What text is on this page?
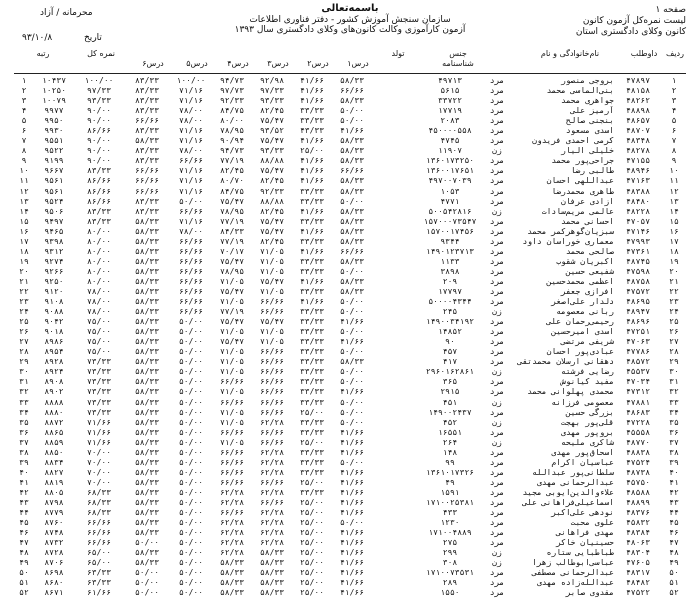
صفحه ۱
لیست نمره‌کل آزمون کانون
کانون وکلای دادگستری استان
باسمه‌تعالی
سازمان سنجش آموزش کشور - دفتر فناوری اطلاعات
آزمون کارآموزی وکالت کانون‌های وکلای دادگستری سال ۱۳۹۳
محرمانه / آزاد
تاریخ
۹۳/۱۰/۸
ردیف
داوطلب
نام‌خانوادگی و نام
جنس
شناسنامه
تولد
درس۱
درس۲
درس۳
درس۴
درس۵
درس۶
نمره کل
رتبه
۱	۱۰۴۳۷	۱۰۰/۰۰	۸۳/۳۳	۱۰۰/۰۰	۹۴/۷۳	۹۲/۹۸	۴۱/۶۶	۵۸/۳۳		۴۹۷۱۳	مرد	بروجی منصور	۴۷۸۹۷	۱
۲	۱۰۲۵۰	۹۷/۳۳	۸۳/۳۳	۷۱/۱۶	۹۷/۷۳	۹۷/۳۳	۴۱/۶۶	۶۶/۶۶		۵۶۱۵	مرد	بنی‌الماسی محمد	۴۸۱۵۸	۲
۳	۱۰۰۷۹	۹۳/۳۳	۸۳/۳۳	۷۱/۱۶	۹۲/۳۳	۹۳/۳۳	۴۱/۶۶	۵۸/۳۳		۳۳۷۲۲	مرد	جواهری محمد	۴۸۲۶۲	۳
۴	۹۹۷۷	۹۰/۰۰	۸۳/۳۳	۷۸/۰۰	۸۴/۷۵	۸۲/۴۵	۳۳/۳۳	۵۰/۰۰		۱۷۷۱۹	مرد	آرمیز علی	۴۸۸۹۸	۴
۵	۹۹۵۰	۹۰/۰۰	۶۶/۶۶	۷۸/۰۰	۸۰/۰۰	۷۵/۴۷	۳۳/۳۳	۵۰/۰۰		۲۰۸۳	مرد	بنجنی صالح	۴۸۶۵۷	۵
۶	۹۹۳۰	۸۶/۶۶	۸۳/۳۳	۷۱/۱۶	۷۸/۹۵	۹۳/۵۲	۴۳/۳۳	۴۱/۶۶		۴۵۰۰۰۰۵۵۸	مرد	اسدی مسعود	۴۸۷۰۷	۶
۷	۹۵۵۱	۹۰/۰۰	۵۸/۳۳	۷۱/۱۶	۹۰/۹۴	۷۵/۴۷	۴۱/۶۶	۵۸/۳۳		۴۷۴۵	مرد	کرمی احمدی فریدون	۴۸۳۴۸	۷
۸	۹۵۲۲	۹۰/۰۰	۸۳/۳۳	۷۸/۰۰	۹۴/۷۳	۹۳/۳۳	۲۵/۰۰	۵۸/۳۳		۱۱۹۰۷	زن	خلیلی الیار	۴۸۲۷۸	۸
۹	۹۱۹۹	۹۰/۰۰	۸۳/۳۳	۶۶/۶۶	۷۷/۱۹	۸۸/۸۸	۴۱/۶۶	۵۸/۳۳		۱۳۶۰۱۷۳۲۵۰	مرد	جراحی‌پور محمد	۴۷۱۵۵	۹
۱۰	۹۶۶۷	۸۳/۳۳	۶۶/۶۶	۷۱/۱۶	۸۲/۴۵	۷۵/۴۷	۴۱/۶۶	۶۶/۶۶		۱۳۶۰۰۱۷۶۵۱	مرد	طالبی رضا	۴۸۹۴۶	۱۰
۱۱	۹۵۶۱	۸۶/۶۶	۶۶/۶۶	۷۱/۱۶	۸۰/۷۰	۸۲/۴۵	۴۱/۶۶	۵۸/۳۳		۴۹۷۰۰۷۰۳۹	مرد	عبداللهی احسان	۴۷۱۶۳	۱۱
۱۲	۹۵۶۱	۸۶/۶۶	۶۶/۶۶	۷۱/۱۶	۸۴/۷۵	۹۲/۳۳	۳۳/۳۳	۵۸/۳۳		۱۰۵۳	مرد	طاهری محمدرضا	۴۸۳۸۸	۱۲
۱۳	۹۵۲۴	۸۶/۶۶	۸۳/۳۳	۵۰/۰۰	۷۵/۴۷	۸۸/۸۸	۳۳/۳۳	۵۰/۰۰		۴۷۷۱	مرد	ازادی عرفان	۴۸۴۸۰	۱۳
۱۴	۹۵۰۶	۸۳/۳۳	۸۳/۳۳	۶۶/۶۶	۷۸/۹۵	۸۲/۴۵	۴۱/۶۶	۵۸/۳۳		۵۰۰۵۴۲۸۱۶	زن	عالمی مریم‌سادات	۴۸۲۲۸	۱۴
۱۵	۹۴۹۷	۸۳/۳۳	۵۸/۳۳	۷۱/۱۶	۷۷/۱۹	۷۵/۴۷	۳۳/۳۳	۵۸/۳۳		۱۵۷۰۰۰۷۳۵۴۷	مرد	احسانی محمد	۴۷۰۵۷	۱۵
۱۶	۹۴۶۵	۸۰/۰۰	۵۸/۳۳	۷۸/۰۰	۸۴/۳۳	۷۵/۴۷	۴۱/۶۶	۵۸/۳۳		۱۵۷۰۰۱۷۴۵۶	مرد	سبزیان‌گوهرکمر محمد	۴۷۱۴۶	۱۶
۱۷	۹۳۹۸	۸۰/۰۰	۵۸/۳۳	۶۶/۶۶	۷۷/۱۹	۸۲/۴۵	۳۳/۳۳	۵۸/۳۳		۹۳۴۴	مرد	معماری خوراسان داود	۴۷۹۹۳	۱۷
۱۸	۹۳۱۲	۸۰/۰۰	۵۸/۳۳	۶۶/۶۶	۷۰/۱۷	۷۱/۰۵	۴۱/۶۶	۶۶/۶۶		۱۴۹۰۱۲۳۷۱۳	مرد	صالحی محمد	۴۷۳۶۱	۱۸
۱۹	۹۲۷۴	۸۰/۰۰	۵۸/۳۳	۶۶/۶۶	۷۵/۴۷	۷۱/۰۵	۳۳/۳۳	۵۸/۳۳		۱۱۳۳	مرد	اکبریان شقوب	۴۸۷۴۵	۱۹
۲۰	۹۲۶۶	۸۰/۰۰	۵۸/۳۳	۶۶/۶۶	۷۸/۹۵	۷۱/۰۵	۳۳/۳۳	۵۰/۰۰		۳۸۹۸	مرد	شفیعی حسین	۴۷۵۹۸	۲۰
۲۱	۹۲۵۰	۸۰/۰۰	۵۸/۳۳	۶۶/۶۶	۷۱/۰۵	۷۵/۴۷	۴۱/۶۶	۵۸/۳۳		۲۰۹	مرد	اعظمی محمدحسین	۴۸۷۵۸	۲۱
۲۲	۹۱۲۰	۷۸/۰۰	۵۸/۳۳	۶۶/۶۶	۷۵/۴۷	۷۱/۰۵	۳۳/۳۳	۵۸/۳۳		۱۷۷۹۷	مرد	افرازی جعفر	۴۷۵۷۲	۲۲
۲۳	۹۱۰۸	۷۸/۰۰	۵۸/۳۳	۶۶/۶۶	۷۱/۰۵	۶۶/۶۶	۴۱/۶۶	۵۰/۰۰		۵۰۰۰۰۴۳۴۴	مرد	دلدار علی‌اصغر	۴۸۶۹۵	۲۳
۲۴	۹۰۸۸	۷۸/۰۰	۵۸/۳۳	۶۶/۶۶	۷۷/۱۹	۶۶/۶۶	۳۳/۳۳	۵۰/۰۰		۲۴۵	زن	ربانی معصومه	۴۸۹۴۷	۲۴
۲۵	۹۰۴۲	۷۵/۰۰	۵۸/۳۳	۵۰/۰۰	۷۵/۴۷	۷۵/۴۷	۳۳/۳۳	۴۱/۶۶		۱۴۹۰۰۳۴۱۹۲	مرد	رحیمی‌رحمان علی	۴۸۶۹۶	۲۵
۲۶	۹۰۱۸	۷۵/۰۰	۵۸/۳۳	۵۰/۰۰	۷۱/۰۵	۷۱/۰۵	۳۳/۳۳	۵۰/۰۰		۱۴۸۵۲	مرد	اسدی امیرحسین	۴۷۲۵۱	۲۶
۲۷	۸۹۸۶	۷۵/۰۰	۵۸/۳۳	۵۰/۰۰	۷۵/۴۷	۷۱/۰۵	۳۳/۳۳	۴۱/۶۶		۹۰	مرد	شریفی مرتضی	۴۷۰۶۳	۲۷
۲۸	۸۹۵۴	۷۵/۰۰	۵۸/۳۳	۵۰/۰۰	۷۱/۰۵	۶۶/۶۶	۳۳/۳۳	۵۰/۰۰		۴۵۷	مرد	عبادی‌پور احسان	۴۷۷۸۶	۲۸
۲۹	۸۹۲۸	۷۳/۳۳	۵۸/۳۳	۵۰/۰۰	۷۱/۰۵	۶۶/۶۶	۳۳/۳۳	۵۸/۳۳		۴۱۷	مرد	دهقانی ارسلان محمدتقی	۴۸۵۷۲	۲۹
۳۰	۸۹۲۴	۷۳/۳۳	۵۸/۳۳	۵۰/۰۰	۷۱/۰۵	۶۶/۶۶	۳۳/۳۳	۵۰/۰۰		۲۹۶۰۱۶۲۸۶۱	زن	رضایی فرشته	۴۵۵۳۷	۳۰
۳۱	۸۹۰۸	۷۳/۳۳	۵۸/۳۳	۵۰/۰۰	۶۶/۶۶	۶۶/۶۶	۳۳/۳۳	۵۰/۰۰		۳۶۵	مرد	مفید کیا‌نوش	۴۷۰۳۴	۳۱
۳۲	۸۹۰۲	۷۳/۳۳	۵۸/۳۳	۵۰/۰۰	۷۱/۰۵	۶۶/۶۶	۳۳/۳۳	۴۱/۶۶		۲۹۱۵	مرد	محمدی پهلوانی محمد	۴۷۳۱۲	۳۲
۳۳	۸۸۸۸	۷۳/۳۳	۵۸/۳۳	۵۰/۰۰	۶۶/۶۶	۶۶/۶۶	۳۳/۳۳	۵۰/۰۰		۴۵۱	زن	معصومی فرزانه	۴۷۸۸۱	۳۳
۳۴	۸۸۸۰	۷۳/۳۳	۵۸/۳۳	۵۰/۰۰	۷۱/۰۵	۶۶/۶۶	۲۵/۰۰	۵۰/۰۰		۱۴۹۰۰۲۴۳۷	مرد	بزرگی حسین	۴۸۶۸۳	۳۴
۳۵	۸۸۷۲	۷۱/۶۶	۵۸/۳۳	۵۰/۰۰	۷۱/۰۵	۶۲/۲۸	۳۳/۳۳	۵۰/۰۰		۴۵۲	زن	قلی‌پور بهجت	۴۷۲۲۸	۳۵
۳۶	۸۸۶۵	۷۱/۶۶	۵۸/۳۳	۵۰/۰۰	۶۶/۶۶	۶۶/۶۶	۳۳/۳۳	۴۱/۶۶		۱۶۵۵۱	مرد	برو‌پور مهدی	۴۵۵۵۸	۳۶
۳۷	۸۸۵۹	۷۱/۶۶	۵۸/۳۳	۵۰/۰۰	۷۱/۰۵	۶۶/۶۶	۲۵/۰۰	۴۱/۶۶		۲۶۴	زن	شاکری ملیحه	۴۸۷۷۰	۳۷
۳۸	۸۸۵۰	۷۰/۰۰	۵۸/۳۳	۵۰/۰۰	۶۶/۶۶	۶۲/۲۸	۳۳/۳۳	۴۱/۶۶		۱۴۸	مرد	اسحاق‌پور مهدی	۴۸۸۳۸	۳۸
۳۹	۸۸۳۴	۷۰/۰۰	۵۸/۳۳	۵۰/۰۰	۶۶/۶۶	۶۲/۲۸	۳۳/۳۳	۵۰/۰۰		۹۹	مرد	عباسیان اکرام	۴۷۵۲۴	۳۹
۴۰	۸۸۲۷	۷۰/۰۰	۵۸/۳۳	۵۰/۰۰	۶۶/۶۶	۶۲/۲۸	۳۳/۳۳	۴۱/۶۶		۱۳۶۱۰۱۷۳۲۶	مرد	سلطانی‌پور عبدالله	۴۸۷۳۸	۴۰
۴۱	۸۸۱۹	۷۰/۰۰	۵۸/۳۳	۵۰/۰۰	۶۶/۶۶	۶۶/۶۶	۲۵/۰۰	۴۱/۶۶		۴۹	مرد	عبدالرحمانی مهدی	۴۵۷۵۰	۴۱
۴۲	۸۸۰۵	۶۸/۳۳	۵۸/۳۳	۵۰/۰۰	۶۲/۲۸	۶۲/۲۸	۳۳/۳۳	۴۱/۶۶		۱۵۹۱	مرد	علاء‌والدین‌ایوبی مجید	۴۸۵۸۸	۴۲
۴۳	۸۷۹۸	۶۸/۳۳	۵۸/۳۳	۵۰/۰۰	۶۲/۲۸	۶۶/۶۶	۲۵/۰۰	۴۱/۶۶		۱۷۱۰۰۲۵۳۸۱	مرد	اسماعیلی‌فراهانی علی	۴۸۸۹۹	۴۳
۴۴	۸۷۷۹	۶۸/۳۳	۵۸/۳۳	۵۰/۰۰	۶۶/۶۶	۶۲/۲۸	۲۵/۰۰	۴۱/۶۶		۴۳۳	مرد	نودهی علی‌اکبر	۴۸۳۷۶	۴۴
۴۵	۸۷۶۰	۶۶/۶۶	۵۸/۳۳	۵۰/۰۰	۶۲/۲۸	۶۲/۲۸	۲۵/۰۰	۵۰/۰۰		۱۲۳۰	مرد	علوی محبت	۴۵۸۳۲	۴۵
۴۶	۸۷۴۸	۶۶/۶۶	۵۸/۳۳	۵۰/۰۰	۶۲/۲۸	۶۲/۲۸	۲۵/۰۰	۴۱/۶۶		۱۷۱۰۰۴۸۸۹	مرد	مهدی فراهانی	۴۸۳۸۴	۴۶
۴۷	۸۷۳۲	۶۶/۶۶	۵۰/۰۰	۵۰/۰۰	۶۲/۲۸	۶۲/۲۸	۲۵/۰۰	۴۱/۶۶		۲۷۵	مرد	حسینیان خاکر	۴۸۰۶۳	۴۷
۴۸	۸۷۲۸	۶۵/۰۰	۵۸/۳۳	۵۰/۰۰	۶۲/۲۸	۵۸/۳۳	۲۵/۰۰	۴۱/۶۶		۲۹۹	زن	طباطبایی ستاره	۴۸۳۰۴	۴۸
۴۹	۸۷۰۶	۶۵/۰۰	۵۸/۳۳	۵۰/۰۰	۵۸/۳۳	۵۸/۳۳	۲۵/۰۰	۴۱/۶۶		۳۰۸	زن	عباسی‌ابوطالب زهرا	۴۷۶۰۵	۴۹
۵۰	۸۶۹۸	۶۳/۳۳	۵۰/۰۰	۵۰/۰۰	۵۸/۳۳	۵۸/۳۳	۲۵/۰۰	۴۱/۶۶		۱۷۱۰۰۷۳۵۳۱	مرد	عبدالرحمانی مصطفی	۴۸۳۱۷	۵۰
۵۱	۸۶۸۰	۶۳/۳۳	۵۰/۰۰	۵۰/۰۰	۵۸/۳۳	۵۸/۳۳	۲۵/۰۰	۴۱/۶۶		۲۸۹	مرد	عبدالله‌زاده مهدی	۴۸۴۸۲	۵۱
۵۲	۸۶۷۱	۶۱/۶۶	۵۰/۰۰	۵۰/۰۰	۵۸/۳۳	۵۸/۳۳	۲۵/۰۰	۴۱/۶۶		۱۵۵۰	مرد	مقدوی صابر	۴۷۵۲۲	۵۲
